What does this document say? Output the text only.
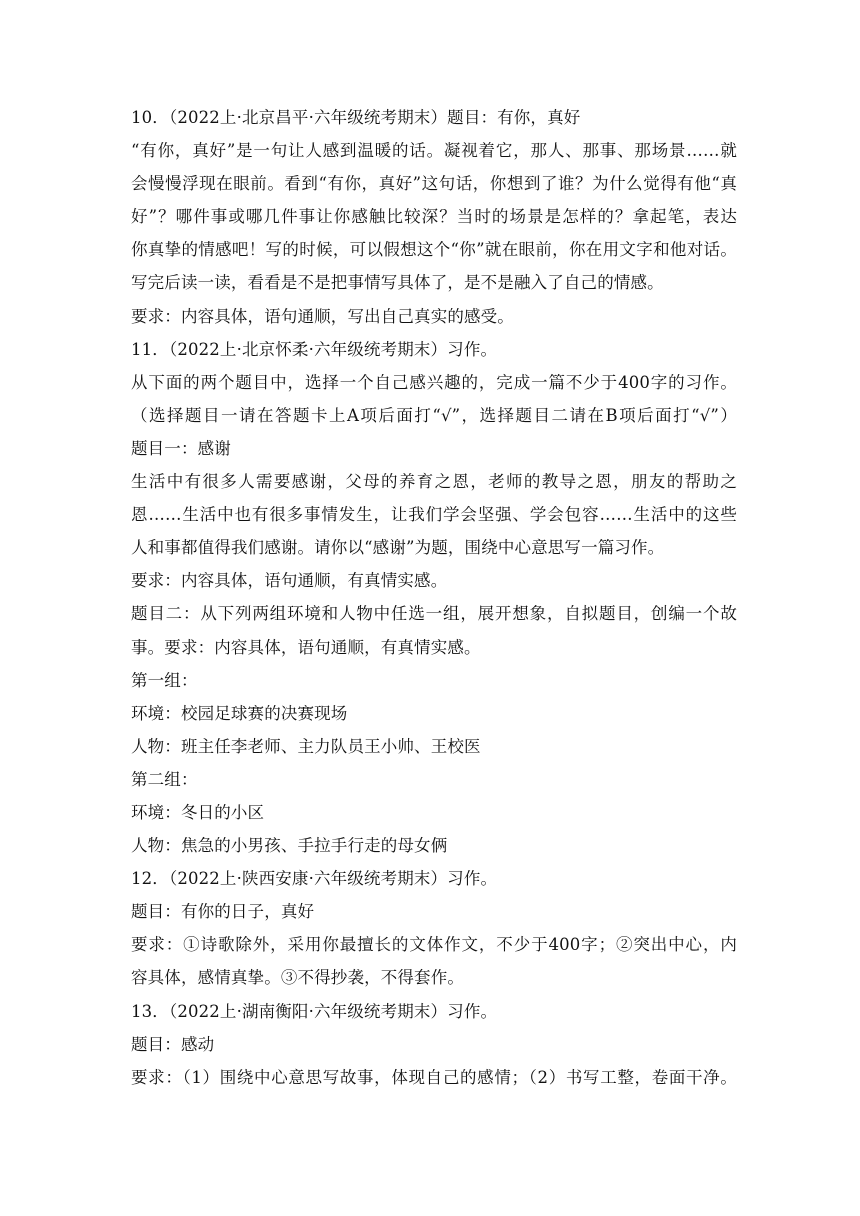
10．（2022上·北京昌平·六年级统考期末）题目：有你，真好

“有你，真好”是一句让人感到温暖的话。凝视着它，那人、那事、那场景……就

会慢慢浮现在眼前。看到“有你，真好”这句话，你想到了谁？为什么觉得有他“真

好”？哪件事或哪几件事让你感触比较深？当时的场景是怎样的？拿起笔，表达

你真挚的情感吧！写的时候，可以假想这个“你”就在眼前，你在用文字和他对话。

写完后读一读，看看是不是把事情写具体了，是不是融入了自己的情感。

要求：内容具体，语句通顺，写出自己真实的感受。

11．（2022上·北京怀柔·六年级统考期末）习作。

从下面的两个题目中，选择一个自己感兴趣的，完成一篇不少于400字的习作。

（选择题目一请在答题卡上A项后面打“√”，选择题目二请在B项后面打“√”）

题目一：感谢

生活中有很多人需要感谢，父母的养育之恩，老师的教导之恩，朋友的帮助之

恩……生活中也有很多事情发生，让我们学会坚强、学会包容……生活中的这些

人和事都值得我们感谢。请你以“感谢”为题，围绕中心意思写一篇习作。

要求：内容具体，语句通顺，有真情实感。

题目二：从下列两组环境和人物中任选一组，展开想象，自拟题目，创编一个故

事。要求：内容具体，语句通顺，有真情实感。

第一组：

环境：校园足球赛的决赛现场

人物：班主任李老师、主力队员王小帅、王校医

第二组：

环境：冬日的小区

人物：焦急的小男孩、手拉手行走的母女俩

12．（2022上·陕西安康·六年级统考期末）习作。

题目：有你的日子，真好

要求：①诗歌除外，采用你最擅长的文体作文，不少于400字；②突出中心，内

容具体，感情真挚。③不得抄袭，不得套作。

13．（2022上·湖南衡阳·六年级统考期末）习作。

题目：感动

要求：（1）围绕中心意思写故事，体现自己的感情；（2）书写工整，卷面干净。
